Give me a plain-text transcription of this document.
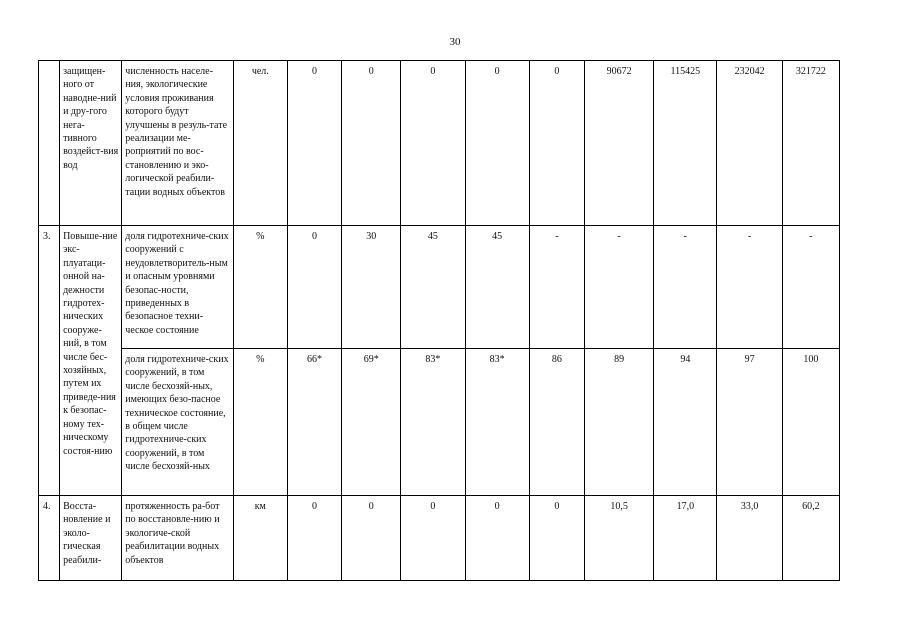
30
	защищен-ного от наводне-ний и дру-гого нега-тивного воздейст-вия вод	численность населе-ния, экологические условия проживания которого будут улучшены в резуль-тате реализации ме-роприятий по вос-становлению и эко-логической реабили-тации водных объектов	чел.	0	0	0	0	0	90672	115425	232042	321722
3.	Повыше-ние экс-плуатаци-онной на-дежности гидротех-нических сооруже-ний, в том числе бес-хозяйных, путем их приведе-ния к безопас-ному тех-ническому состоя-нию	доля гидротехниче-ских сооружений с неудовлетворитель-ным и опасным уровнями безопас-ности, приведенных в безопасное техни-ческое состояние	%	0	30	45	45	-	-	-	-	-
		доля гидротехниче-ских сооружений, в том числе бесхозяй-ных, имеющих безо-пасное техническое состояние, в общем числе гидротехниче-ских сооружений, в том числе бесхозяй-ных	%	66*	69*	83*	83*	86	89	94	97	100
4.	Восста-новление и эколо-гическая реабили-	протяженность ра-бот по восстановле-нию и экологиче-ской реабилитации водных объектов	км	0	0	0	0	0	10,5	17,0	33,0	60,2
